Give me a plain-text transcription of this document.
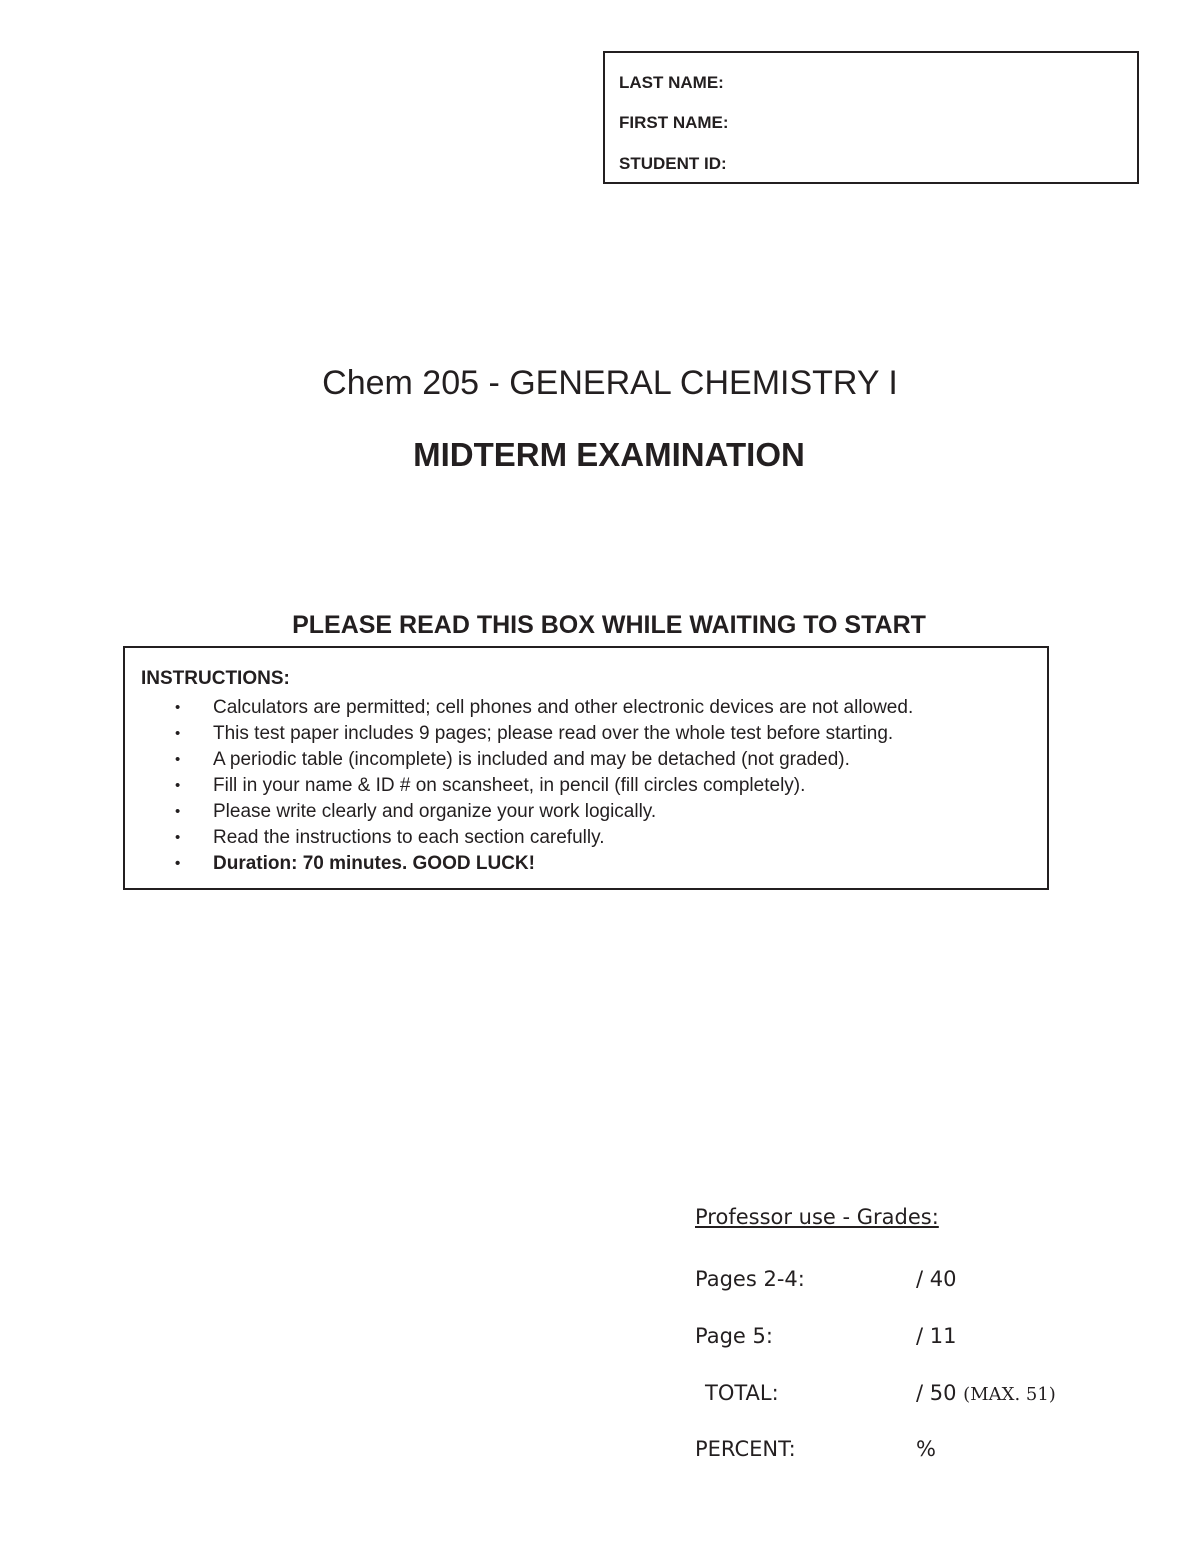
LAST NAME:
FIRST NAME:
STUDENT ID:
Chem 205 - GENERAL CHEMISTRY I
MIDTERM EXAMINATION
PLEASE READ THIS BOX WHILE WAITING TO START
INSTRUCTIONS:
• Calculators are permitted; cell phones and other electronic devices are not allowed.
• This test paper includes 9 pages; please read over the whole test before starting.
• A periodic table (incomplete) is included and may be detached (not graded).
• Fill in your name & ID # on scansheet, in pencil (fill circles completely).
• Please write clearly and organize your work logically.
• Read the instructions to each section carefully.
• Duration: 70 minutes. GOOD LUCK!
Professor use - Grades:
Pages 2-4:	/ 40
Page 5:	/ 11
TOTAL:	/ 50 (MAX. 51)
PERCENT:	%
